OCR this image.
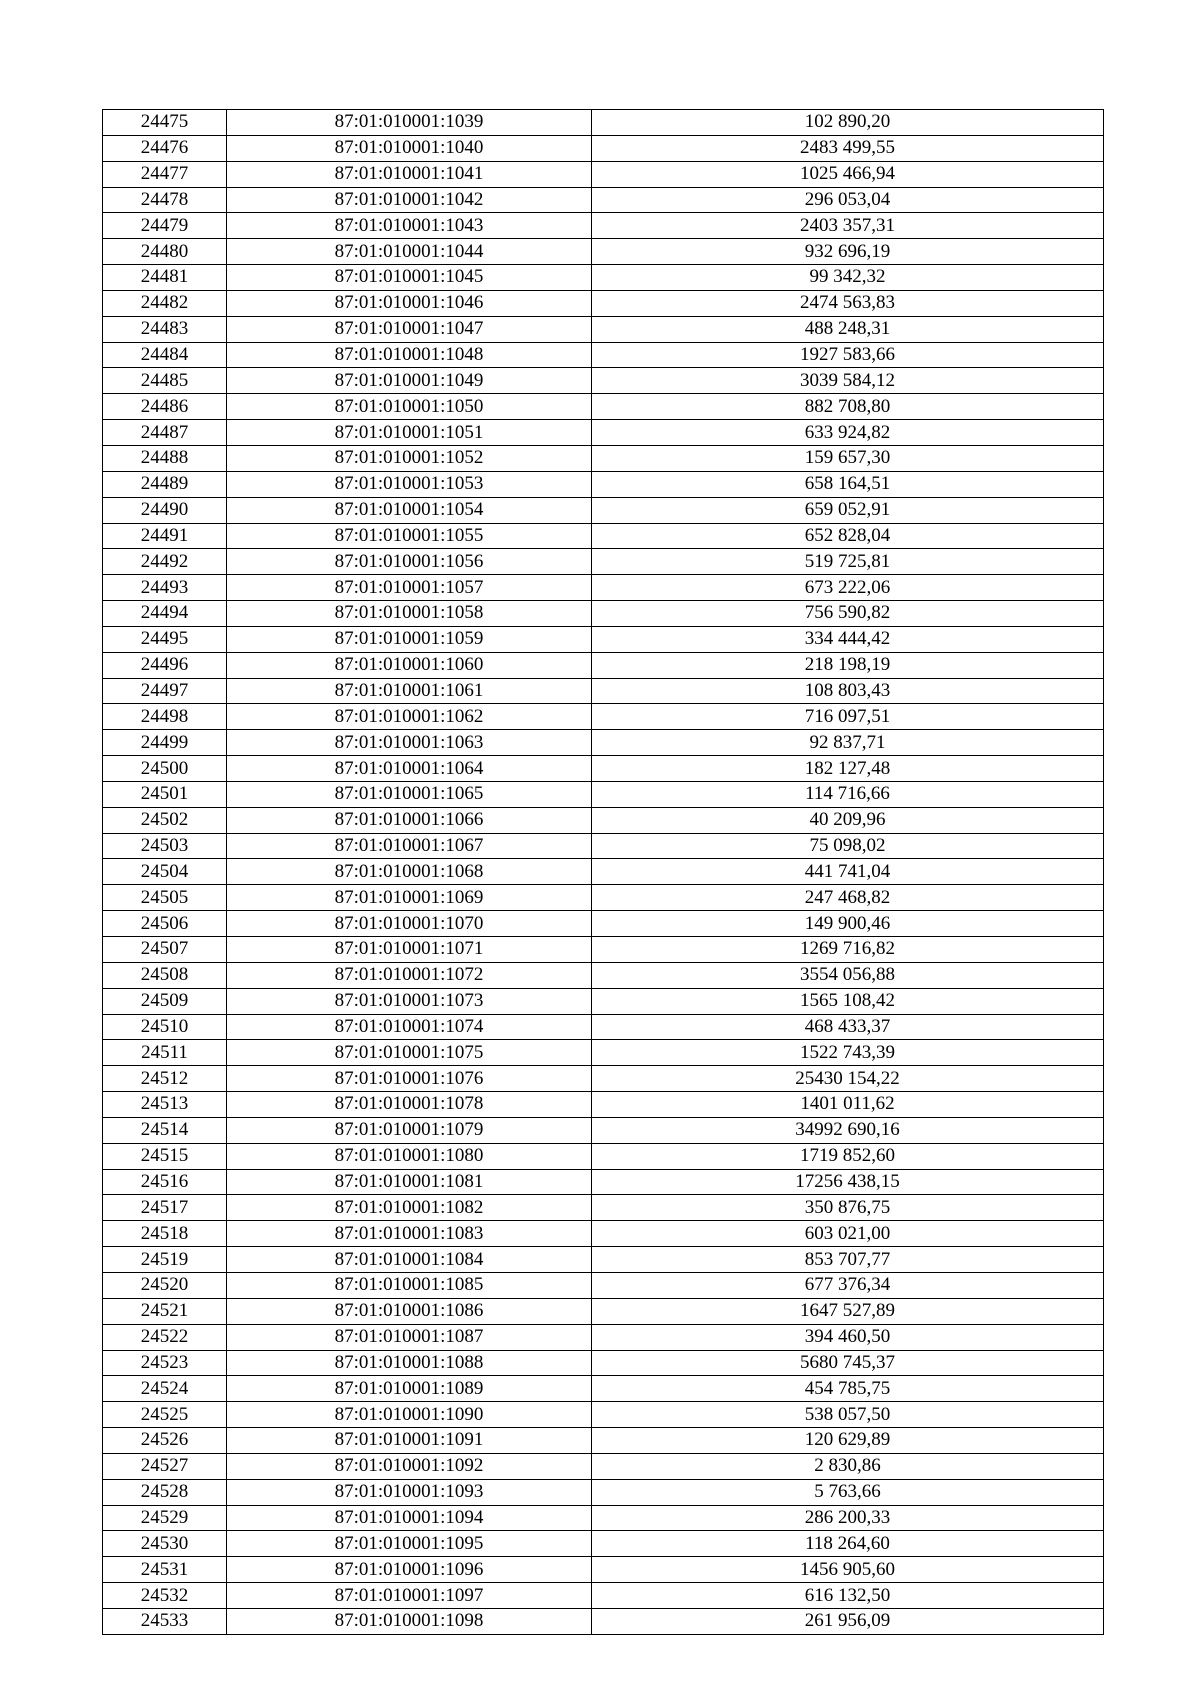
24475	87:01:010001:1039	102 890,20
24476	87:01:010001:1040	2483 499,55
24477	87:01:010001:1041	1025 466,94
24478	87:01:010001:1042	296 053,04
24479	87:01:010001:1043	2403 357,31
24480	87:01:010001:1044	932 696,19
24481	87:01:010001:1045	99 342,32
24482	87:01:010001:1046	2474 563,83
24483	87:01:010001:1047	488 248,31
24484	87:01:010001:1048	1927 583,66
24485	87:01:010001:1049	3039 584,12
24486	87:01:010001:1050	882 708,80
24487	87:01:010001:1051	633 924,82
24488	87:01:010001:1052	159 657,30
24489	87:01:010001:1053	658 164,51
24490	87:01:010001:1054	659 052,91
24491	87:01:010001:1055	652 828,04
24492	87:01:010001:1056	519 725,81
24493	87:01:010001:1057	673 222,06
24494	87:01:010001:1058	756 590,82
24495	87:01:010001:1059	334 444,42
24496	87:01:010001:1060	218 198,19
24497	87:01:010001:1061	108 803,43
24498	87:01:010001:1062	716 097,51
24499	87:01:010001:1063	92 837,71
24500	87:01:010001:1064	182 127,48
24501	87:01:010001:1065	114 716,66
24502	87:01:010001:1066	40 209,96
24503	87:01:010001:1067	75 098,02
24504	87:01:010001:1068	441 741,04
24505	87:01:010001:1069	247 468,82
24506	87:01:010001:1070	149 900,46
24507	87:01:010001:1071	1269 716,82
24508	87:01:010001:1072	3554 056,88
24509	87:01:010001:1073	1565 108,42
24510	87:01:010001:1074	468 433,37
24511	87:01:010001:1075	1522 743,39
24512	87:01:010001:1076	25430 154,22
24513	87:01:010001:1078	1401 011,62
24514	87:01:010001:1079	34992 690,16
24515	87:01:010001:1080	1719 852,60
24516	87:01:010001:1081	17256 438,15
24517	87:01:010001:1082	350 876,75
24518	87:01:010001:1083	603 021,00
24519	87:01:010001:1084	853 707,77
24520	87:01:010001:1085	677 376,34
24521	87:01:010001:1086	1647 527,89
24522	87:01:010001:1087	394 460,50
24523	87:01:010001:1088	5680 745,37
24524	87:01:010001:1089	454 785,75
24525	87:01:010001:1090	538 057,50
24526	87:01:010001:1091	120 629,89
24527	87:01:010001:1092	2 830,86
24528	87:01:010001:1093	5 763,66
24529	87:01:010001:1094	286 200,33
24530	87:01:010001:1095	118 264,60
24531	87:01:010001:1096	1456 905,60
24532	87:01:010001:1097	616 132,50
24533	87:01:010001:1098	261 956,09
